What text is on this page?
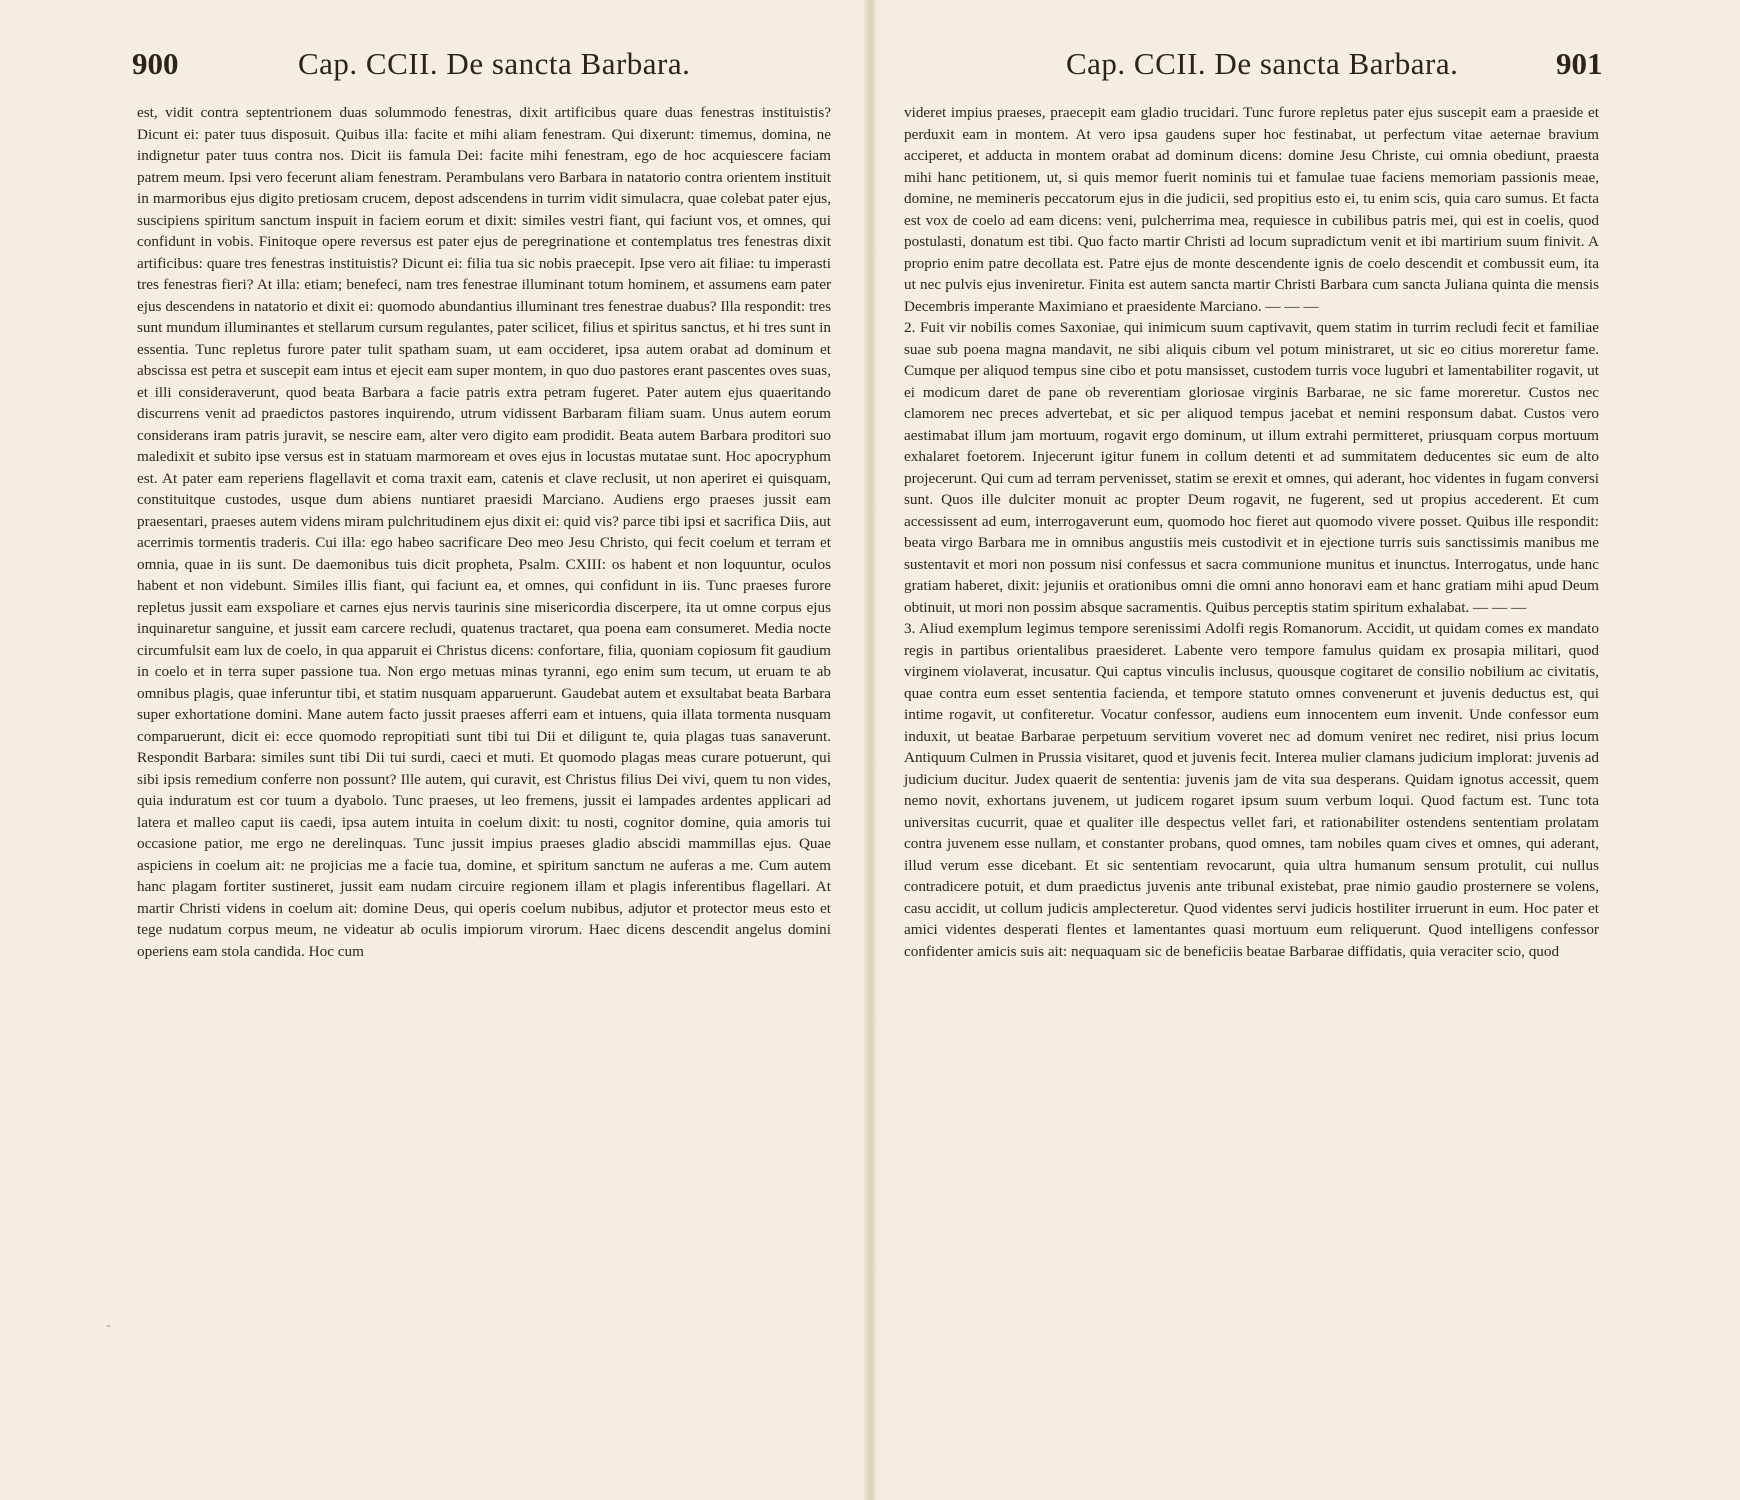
900	Cap. CCII. De sancta Barbara.
est, vidit contra septentrionem duas solummodo fenestras, dixit artificibus quare duas fenestras instituistis? Dicunt ei: pater tuus disposuit. Quibus illa: facite et mihi aliam fenestram. Qui dixerunt: timemus, domina, ne indignetur pater tuus contra nos. Dicit iis famula Dei: facite mihi fenestram, ego de hoc acquiescere faciam patrem meum. Ipsi vero fecerunt aliam fenestram. Perambulans vero Barbara in natatorio contra orientem instituit in marmoribus ejus digito pretiosam crucem, depost adscendens in turrim vidit simulacra, quae colebat pater ejus, suscipiens spiritum sanctum inspuit in faciem eorum et dixit: similes vestri fiant, qui faciunt vos, et omnes, qui confidunt in vobis. Finitoque opere reversus est pater ejus de peregrinatione et contemplatus tres fenestras dixit artificibus: quare tres fenestras instituistis? Dicunt ei: filia tua sic nobis praecepit. Ipse vero ait filiae: tu imperasti tres fenestras fieri? At illa: etiam; benefeci, nam tres fenestrae illuminant totum hominem, et assumens eam pater ejus descendens in natatorio et dixit ei: quomodo abundantius illuminant tres fenestrae duabus? Illa respondit: tres sunt mundum illuminantes et stellarum cursum regulantes, pater scilicet, filius et spiritus sanctus, et hi tres sunt in essentia. Tunc repletus furore pater tulit spatham suam, ut eam occideret, ipsa autem orabat ad dominum et abscissa est petra et suscepit eam intus et ejecit eam super montem, in quo duo pastores erant pascentes oves suas, et illi consideraverunt, quod beata Barbara a facie patris extra petram fugeret. Pater autem ejus quaeritando discurrens venit ad praedictos pastores inquirendo, utrum vidissent Barbaram filiam suam. Unus autem eorum considerans iram patris juravit, se nescire eam, alter vero digito eam prodidit. Beata autem Barbara proditori suo maledixit et subito ipse versus est in statuam marmoream et oves ejus in locustas mutatae sunt. Hoc apocryphum est. At pater eam reperiens flagellavit et coma traxit eam, catenis et clave reclusit, ut non aperiret ei quisquam, constituitque custodes, usque dum abiens nuntiaret praesidi Marciano. Audiens ergo praeses jussit eam praesentari, praeses autem videns miram pulchritudinem ejus dixit ei: quid vis? parce tibi ipsi et sacrifica Diis, aut acerrimis tormentis traderis. Cui illa: ego habeo sacrificare Deo meo Jesu Christo, qui fecit coelum et terram et omnia, quae in iis sunt. De daemonibus tuis dicit propheta, Psalm. CXIII: os habent et non loquuntur, oculos habent et non videbunt. Similes illis fiant, qui faciunt ea, et omnes, qui confidunt in iis. Tunc praeses furore repletus jussit eam exspoliare et carnes ejus nervis taurinis sine misericordia discerpere, ita ut omne corpus ejus inquinaretur sanguine, et jussit eam carcere recludi, quatenus tractaret, qua poena eam consumeret. Media nocte circumfulsit eam lux de coelo, in qua apparuit ei Christus dicens: confortare, filia, quoniam copiosum fit gaudium in coelo et in terra super passione tua. Non ergo metuas minas tyranni, ego enim sum tecum, ut eruam te ab omnibus plagis, quae inferuntur tibi, et statim nusquam apparuerunt. Gaudebat autem et exsultabat beata Barbara super exhortatione domini. Mane autem facto jussit praeses afferri eam et intuens, quia illata tormenta nusquam comparuerunt, dicit ei: ecce quomodo repropitiati sunt tibi tui Dii et diligunt te, quia plagas tuas sanaverunt. Respondit Barbara: similes sunt tibi Dii tui surdi, caeci et muti. Et quomodo plagas meas curare potuerunt, qui sibi ipsis remedium conferre non possunt? Ille autem, qui curavit, est Christus filius Dei vivi, quem tu non vides, quia induratum est cor tuum a dyabolo. Tunc praeses, ut leo fremens, jussit ei lampades ardentes applicari ad latera et malleo caput iis caedi, ipsa autem intuita in coelum dixit: tu nosti, cognitor domine, quia amoris tui occasione patior, me ergo ne derelinquas. Tunc jussit impius praeses gladio abscidi mammillas ejus. Quae aspiciens in coelum ait: ne projicias me a facie tua, domine, et spiritum sanctum ne auferas a me. Cum autem hanc plagam fortiter sustineret, jussit eam nudam circuire regionem illam et plagis inferentibus flagellari. At martir Christi videns in coelum ait: domine Deus, qui operis coelum nubibus, adjutor et protector meus esto et tege nudatum corpus meum, ne videatur ab oculis impiorum virorum. Haec dicens descendit angelus domini operiens eam stola candida. Hoc cum
-
Cap. CCII. De sancta Barbara.	901
videret impius praeses, praecepit eam gladio trucidari. Tunc furore repletus pater ejus suscepit eam a praeside et perduxit eam in montem. At vero ipsa gaudens super hoc festinabat, ut perfectum vitae aeternae bravium acciperet, et adducta in montem orabat ad dominum dicens: domine Jesu Christe, cui omnia obediunt, praesta mihi hanc petitionem, ut, si quis memor fuerit nominis tui et famulae tuae faciens memoriam passionis meae, domine, ne memineris peccatorum ejus in die judicii, sed propitius esto ei, tu enim scis, quia caro sumus. Et facta est vox de coelo ad eam dicens: veni, pulcherrima mea, requiesce in cubilibus patris mei, qui est in coelis, quod postulasti, donatum est tibi. Quo facto martir Christi ad locum supradictum venit et ibi martirium suum finivit. A proprio enim patre decollata est. Patre ejus de monte descendente ignis de coelo descendit et combussit eum, ita ut nec pulvis ejus inveniretur. Finita est autem sancta martir Christi Barbara cum sancta Juliana quinta die mensis Decembris imperante Maximiano et praesidente Marciano. — — —
2. Fuit vir nobilis comes Saxoniae, qui inimicum suum captivavit, quem statim in turrim recludi fecit et familiae suae sub poena magna mandavit, ne sibi aliquis cibum vel potum ministraret, ut sic eo citius moreretur fame. Cumque per aliquod tempus sine cibo et potu mansisset, custodem turris voce lugubri et lamentabiliter rogavit, ut ei modicum daret de pane ob reverentiam gloriosae virginis Barbarae, ne sic fame moreretur. Custos nec clamorem nec preces advertebat, et sic per aliquod tempus jacebat et nemini responsum dabat. Custos vero aestimabat illum jam mortuum, rogavit ergo dominum, ut illum extrahi permitteret, priusquam corpus mortuum exhalaret foetorem. Injecerunt igitur funem in collum detenti et ad summitatem deducentes sic eum de alto projecerunt. Qui cum ad terram pervenisset, statim se erexit et omnes, qui aderant, hoc videntes in fugam conversi sunt. Quos ille dulciter monuit ac propter Deum rogavit, ne fugerent, sed ut propius accederent. Et cum accessissent ad eum, interrogaverunt eum, quomodo hoc fieret aut quomodo vivere posset. Quibus ille respondit: beata virgo Barbara me in omnibus angustiis meis custodivit et in ejectione turris suis sanctissimis manibus me sustentavit et mori non possum nisi confessus et sacra communione munitus et inunctus. Interrogatus, unde hanc gratiam haberet, dixit: jejuniis et orationibus omni die omni anno honoravi eam et hanc gratiam mihi apud Deum obtinuit, ut mori non possim absque sacramentis. Quibus perceptis statim spiritum exhalabat. — — —
3. Aliud exemplum legimus tempore serenissimi Adolfi regis Romanorum. Accidit, ut quidam comes ex mandato regis in partibus orientalibus praesideret. Labente vero tempore famulus quidam ex prosapia militari, quod virginem violaverat, incusatur. Qui captus vinculis inclusus, quousque cogitaret de consilio nobilium ac civitatis, quae contra eum esset sententia facienda, et tempore statuto omnes convenerunt et juvenis deductus est, qui intime rogavit, ut confiteretur. Vocatur confessor, audiens eum innocentem eum invenit. Unde confessor eum induxit, ut beatae Barbarae perpetuum servitium voveret nec ad domum veniret nec rediret, nisi prius locum Antiquum Culmen in Prussia visitaret, quod et juvenis fecit. Interea mulier clamans judicium implorat: juvenis ad judicium ducitur. Judex quaerit de sententia: juvenis jam de vita sua desperans. Quidam ignotus accessit, quem nemo novit, exhortans juvenem, ut judicem rogaret ipsum suum verbum loqui. Quod factum est. Tunc tota universitas cucurrit, quae et qualiter ille despectus vellet fari, et rationabiliter ostendens sententiam prolatam contra juvenem esse nullam, et constanter probans, quod omnes, tam nobiles quam cives et omnes, qui aderant, illud verum esse dicebant. Et sic sententiam revocarunt, quia ultra humanum sensum protulit, cui nullus contradicere potuit, et dum praedictus juvenis ante tribunal existebat, prae nimio gaudio prosternere se volens, casu accidit, ut collum judicis amplecteretur. Quod videntes servi judicis hostiliter irruerunt in eum. Hoc pater et amici videntes desperati flentes et lamentantes quasi mortuum eum reliquerunt. Quod intelligens confessor confidenter amicis suis ait: nequaquam sic de beneficiis beatae Barbarae diffidatis, quia veraciter scio, quod
